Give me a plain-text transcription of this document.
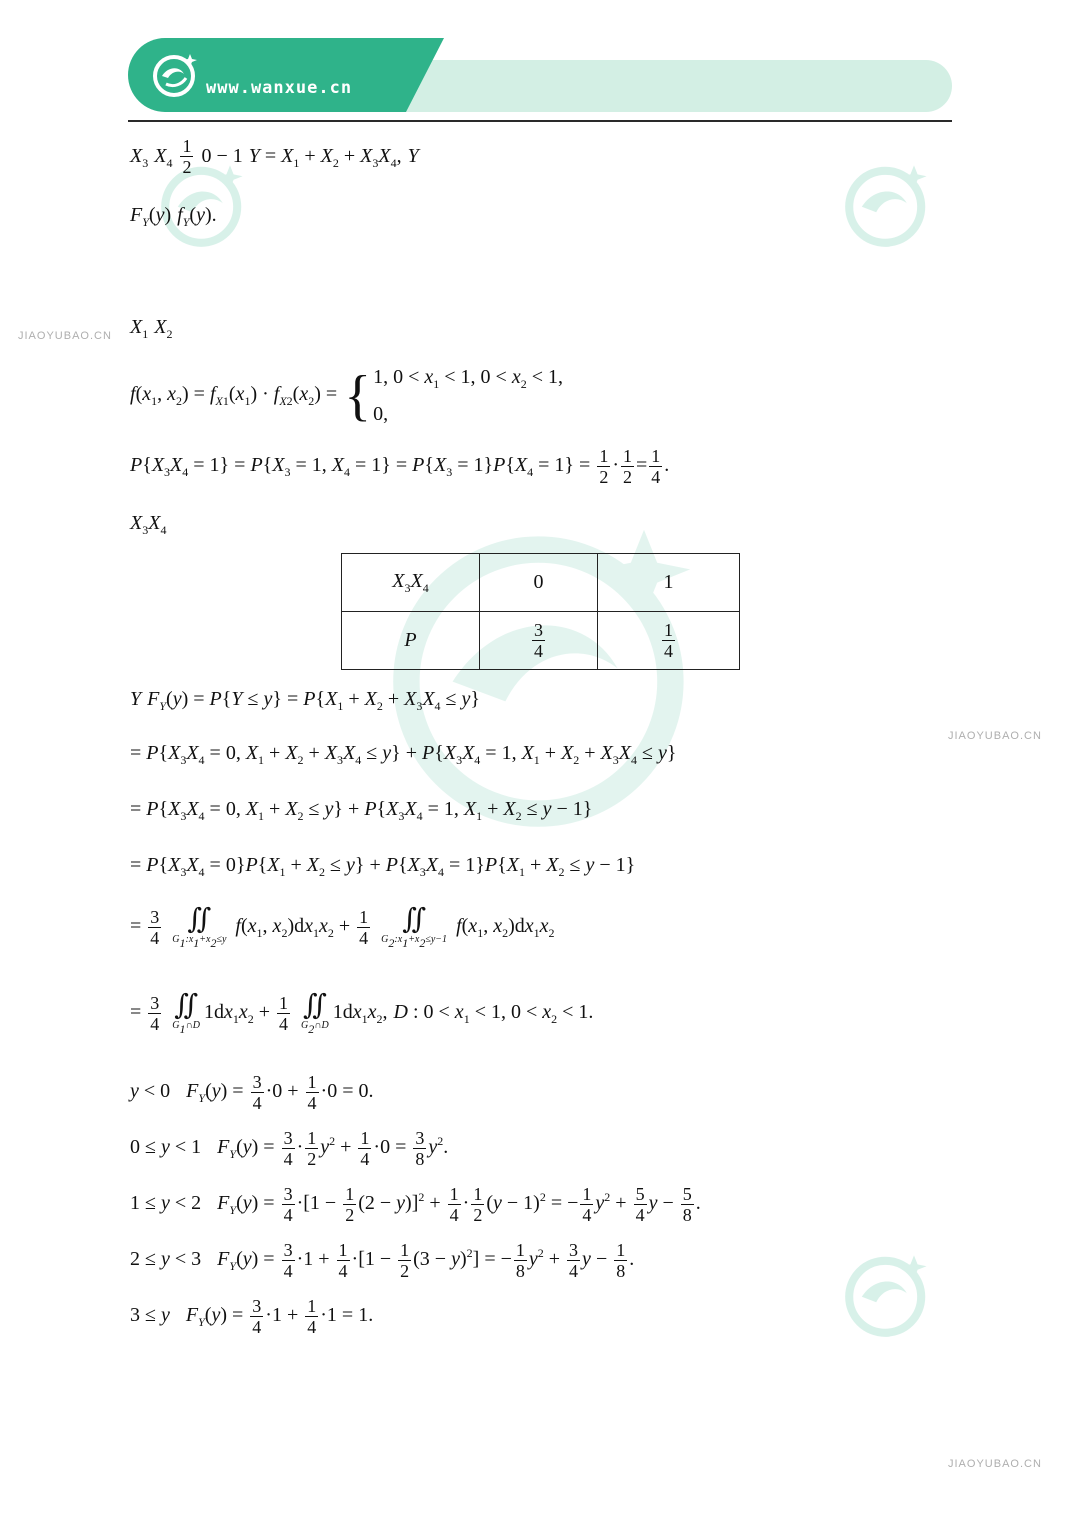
www.wanxue.cn
JIAOYUBAO.CN
JIAOYUBAO.CN
JIAOYUBAO.CN
$X_3$ $X_4 \frac{1}{2} 0 - 1$ $Y = X_1 + X_2 + X_3X_4$, Y
$F_Y(y)$ $f_Y(y)$.
$X_1$ $X_2$
$f(x_1$, $x_2) = f_{X1}(x_1) \cdot f_{X2}(x_2)$ = { 1, $0 < x_1 < 1$, $0 < x_2 < 1$,
0,
$P\{X_3X_4 = 1\} = P\{X_3 = 1$, $X_4 = 1\} = P\{X_3 = 1\}P\{X_4 = 1\} = \frac{1}{2} \cdot \frac{1}{2} = \frac{1}{4}$ .
$X_3X_4$
$X_3X_4$	0	1
P	$\frac{3}{4}$	$\frac{1}{4}$
Y $F_Y(y) = P\{Y \le y\} = P\{X_1 + X_2 + X_3X_4 \le y\}$
= $P\{X_3X_4 = 0$, $X_1 + X_2 + X_3X_4 \le y\} + P\{X_3X_4 = 1$, $X_1 + X_2 + X_3X_4 \le y$}
= $P\{X_3X_4 = 0$, $X_1 + X_2 \le y\} + P\{X_3X_4 = 1$, $X_1 + X_2 \le y - 1$}
= $P\{X_3X_4 = 0\}P\{X_1 + X_2 \le y\} + P\{X_3X_4 = 1\}P\{X_1 + X_2 \le y - 1\}$
= $\frac{3}{4}$
∬
$G_1:x_1+x_2\le y$
$f(x_1$, $x_2)dx_1x_2 + \frac{1}{4}$
	∬
$G_2:x_1+x_2\le y-1$
$f(x_1$, $x_2)dx_1x_2$
= $\frac{3}{4}$
∬
$G_1\cap D$
$1dx_1x_2 + \frac{1}{4}$
∬
$G_2\cap D$
$1dx_1x_2$, D : $0 < x_1 < 1$, $0 < x_2 < 1$.
y < 0 $F_Y(y) = \frac{3}{4} \cdot 0 + \frac{1}{4} \cdot 0 = 0$.
0 ≤ y < 1 $F_Y(y) = \frac{3}{4} \cdot \frac{1}{2} y^2 + \frac{1}{4} \cdot 0 = \frac{3}{8} y^2$.
1 ≤ y < 2 $F_Y(y) = \frac{3}{4} \cdot[1 - \frac{1}{2} (2 - y)]^2 + \frac{1}{4} \cdot \frac{1}{2} (y - 1)^2$ = − $\frac{1}{4} y^2 + \frac{5}{4}$ $y - \frac{5}{8}$ .
2 ≤ y < 3 $F_Y(y) = \frac{3}{4} \cdot 1 + \frac{1}{4} \cdot[1 - \frac{1}{2} (3 - y)^2]$ = − $\frac{1}{8} y^2 + \frac{3}{4}$ $y - \frac{1}{8}$ .
3 ≤ y $F_Y(y) = \frac{3}{4} \cdot 1 + \frac{1}{4} \cdot 1 = 1$.
